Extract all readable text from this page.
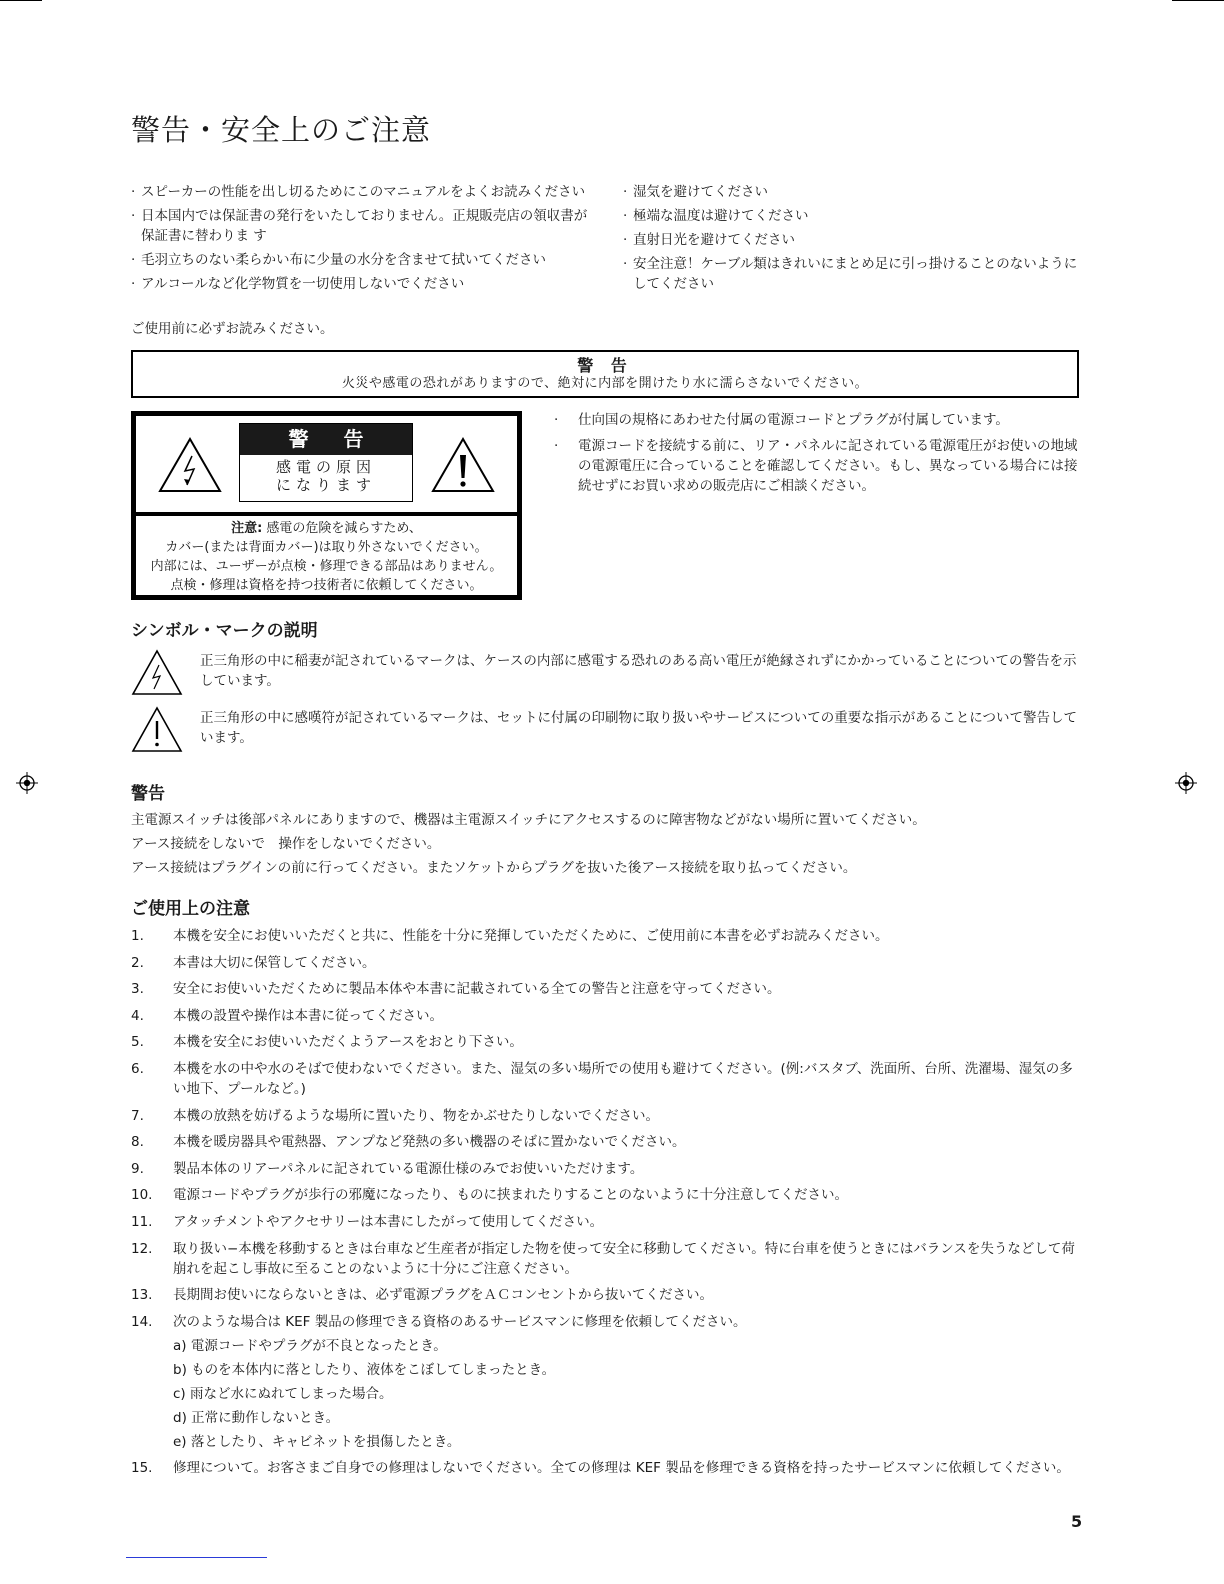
警告・安全上のご注意
· スピーカーの性能を出し切るためにこのマニュアルをよくお読みください
· 日本国内では保証書の発行をいたしておりません。正規販売店の領収書が保証書に替わりま す
· 毛羽立ちのない柔らかい布に少量の水分を含ませて拭いてください
· アルコールなど化学物質を一切使用しないでください
· 湿気を避けてください
· 極端な温度は避けてください
· 直射日光を避けてください
· 安全注意！ケーブル類はきれいにまとめ足に引っ掛けることのないようにしてください
ご使用前に必ずお読みください。
警 告
火災や感電の恐れがありますので、絶対に内部を開けたり水に濡らさないでください。
警 告
感電の原因
になります
注意: 感電の危険を減らすため、
カバー(または背面カバー)は取り外さないでください。
内部には、ユーザーが点検・修理できる部品はありません。
点検・修理は資格を持つ技術者に依頼してください。
· 仕向国の規格にあわせた付属の電源コードとプラグが付属しています。
· 電源コードを接続する前に、リア・パネルに記されている電源電圧がお使いの地域の電源電圧に合っていることを確認してください。もし、異なっている場合には接続せずにお買い求めの販売店にご相談ください。
シンボル・マークの説明
正三角形の中に稲妻が記されているマークは、ケースの内部に感電する恐れのある高い電圧が絶縁されずにかかっていることについての警告を示しています。
正三角形の中に感嘆符が記されているマークは、セットに付属の印刷物に取り扱いやサービスについての重要な指示があることについて警告しています。
警告
主電源スイッチは後部パネルにありますので、機器は主電源スイッチにアクセスするのに障害物などがない場所に置いてください。
アース接続をしないで　操作をしないでください。
アース接続はプラグインの前に行ってください。またソケットからプラグを抜いた後アース接続を取り払ってください。
ご使用上の注意
1. 本機を安全にお使いいただくと共に、性能を十分に発揮していただくために、ご使用前に本書を必ずお読みください。
2. 本書は大切に保管してください。
3. 安全にお使いいただくために製品本体や本書に記載されている全ての警告と注意を守ってください。
4. 本機の設置や操作は本書に従ってください。
5. 本機を安全にお使いいただくようアースをおとり下さい。
6. 本機を水の中や水のそばで使わないでください。また、湿気の多い場所での使用も避けてください。(例:バスタブ、洗面所、台所、洗濯場、湿気の多い地下、プールなど。)
7. 本機の放熱を妨げるような場所に置いたり、物をかぶせたりしないでください。
8. 本機を暖房器具や電熱器、アンプなど発熱の多い機器のそばに置かないでください。
9. 製品本体のリアーパネルに記されている電源仕様のみでお使いいただけます。
10. 電源コードやプラグが歩行の邪魔になったり、ものに挟まれたりすることのないように十分注意してください。
11. アタッチメントやアクセサリーは本書にしたがって使用してください。
12. 取り扱い−本機を移動するときは台車など生産者が指定した物を使って安全に移動してください。特に台車を使うときにはバランスを失うなどして荷崩れを起こし事故に至ることのないように十分にご注意ください。
13. 長期間お使いにならないときは、必ず電源プラグをＡＣコンセントから抜いてください。
14. 次のような場合は KEF 製品の修理できる資格のあるサービスマンに修理を依頼してください。
a) 電源コードやプラグが不良となったとき。
b) ものを本体内に落としたり、液体をこぼしてしまったとき。
c) 雨など水にぬれてしまった場合。
d) 正常に動作しないとき。
e) 落としたり、キャビネットを損傷したとき。
15. 修理について。お客さまご自身での修理はしないでください。全ての修理は KEF 製品を修理できる資格を持ったサービスマンに依頼してください。
5
